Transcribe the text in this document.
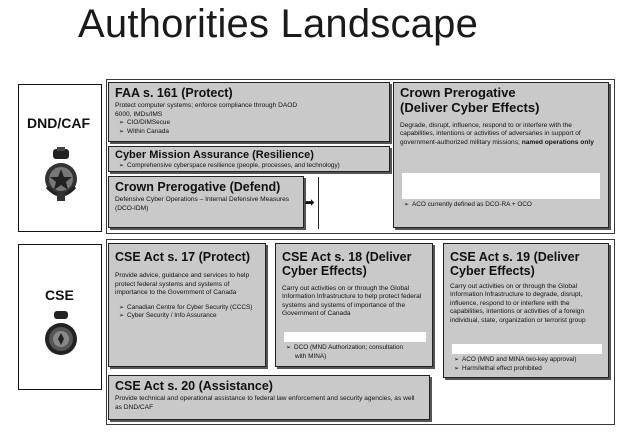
Authorities Landscape
DND/CAF
CSE
FAA s. 161 (Protect)

Protect computer systems; enforce compliance through DAOD 6000, IMDs/IMS

➢ CIO/DIMSecue
➢ Within Canada
Cyber Mission Assurance (Resilience)
➢ Comprehensive cyberspace resilience (people, processes, and technology)
Crown Prerogative (Defend)

Defensive Cyber Operations – Internal Defensive Measures (DCO-IDM)	➡
Crown Prerogative
(Deliver Cyber Effects)

Degrade, disrupt, influence, respond to or interfere with the capabilities, intentions or activities of adversaries in support of government-authorized military missions; named operations only

➢ ACO currently defined as DCO-RA + OCO
CSE Act s. 17 (Protect)

Provide advice, guidance and services to help protect federal systems and systems of importance to the Government of Canada

➢ Canadian Centre for Cyber Security (CCCS)
➢ Cyber Security / Info Assurance
CSE Act s. 18 (Deliver
Cyber Effects)

Carry out activities on or through the Global Information Infrastructure to help protect federal systems and systems of importance of the Government of Canada

➢ DCO (MND Authorization; consultation
with MINA)
CSE Act s. 19 (Deliver
Cyber Effects)

Carry out activities on or through the Global Information Infrastructure to degrade, disrupt, influence, respond to or interfere with the capabilities, intentions or activities of a foreign individual, state, organization or terrorist group

➢ ACO (MND and MINA two-key approval)
➢ Harm/lethal effect prohibited
CSE Act s. 20 (Assistance)

Provide technical and operational assistance to federal law enforcement and security agencies, as well as DND/CAF
